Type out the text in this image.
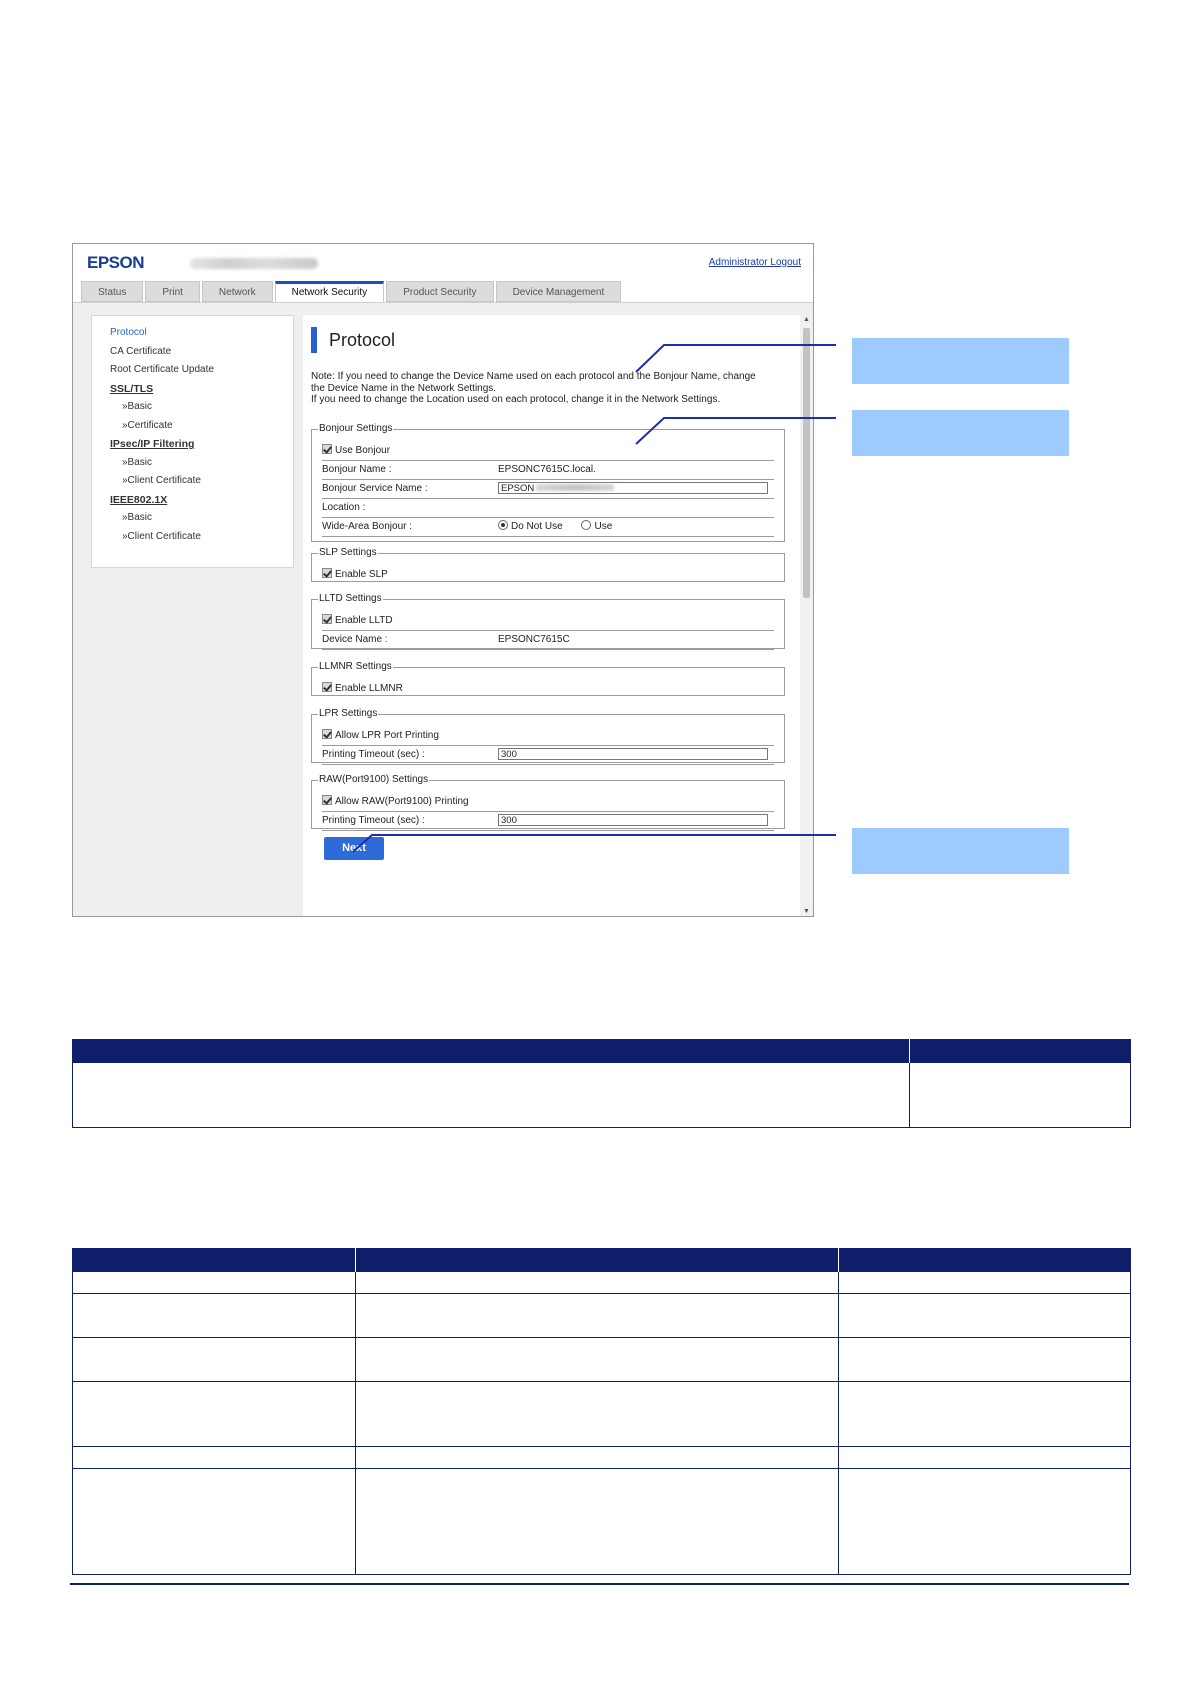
EPSON	Administrator Logout
Status	Print	Network	Network Security	Product Security	Device Management
Protocol
CA Certificate
Root Certificate Update
SSL/TLS
»Basic
»Certificate
IPsec/IP Filtering
»Basic
»Client Certificate
IEEE802.1X
»Basic
»Client Certificate
▲
▼
Protocol
Note: If you need to change the Device Name used on each protocol and the Bonjour Name, change
the Device Name in the Network Settings.
If you need to change the Location used on each protocol, change it in the Network Settings.
Bonjour Settings
Use Bonjour
Bonjour Name :	EPSONC7615C.local.
Bonjour Service Name :	EPSON
Location :
Wide-Area Bonjour :	Do Not Use	Use
SLP Settings
Enable SLP
LLTD Settings
Enable LLTD
Device Name :	EPSONC7615C
LLMNR Settings
Enable LLMNR
LPR Settings
Allow LPR Port Printing
Printing Timeout (sec) :	300
RAW(Port9100) Settings
Allow RAW(Port9100) Printing
Printing Timeout (sec) :	300
Next
